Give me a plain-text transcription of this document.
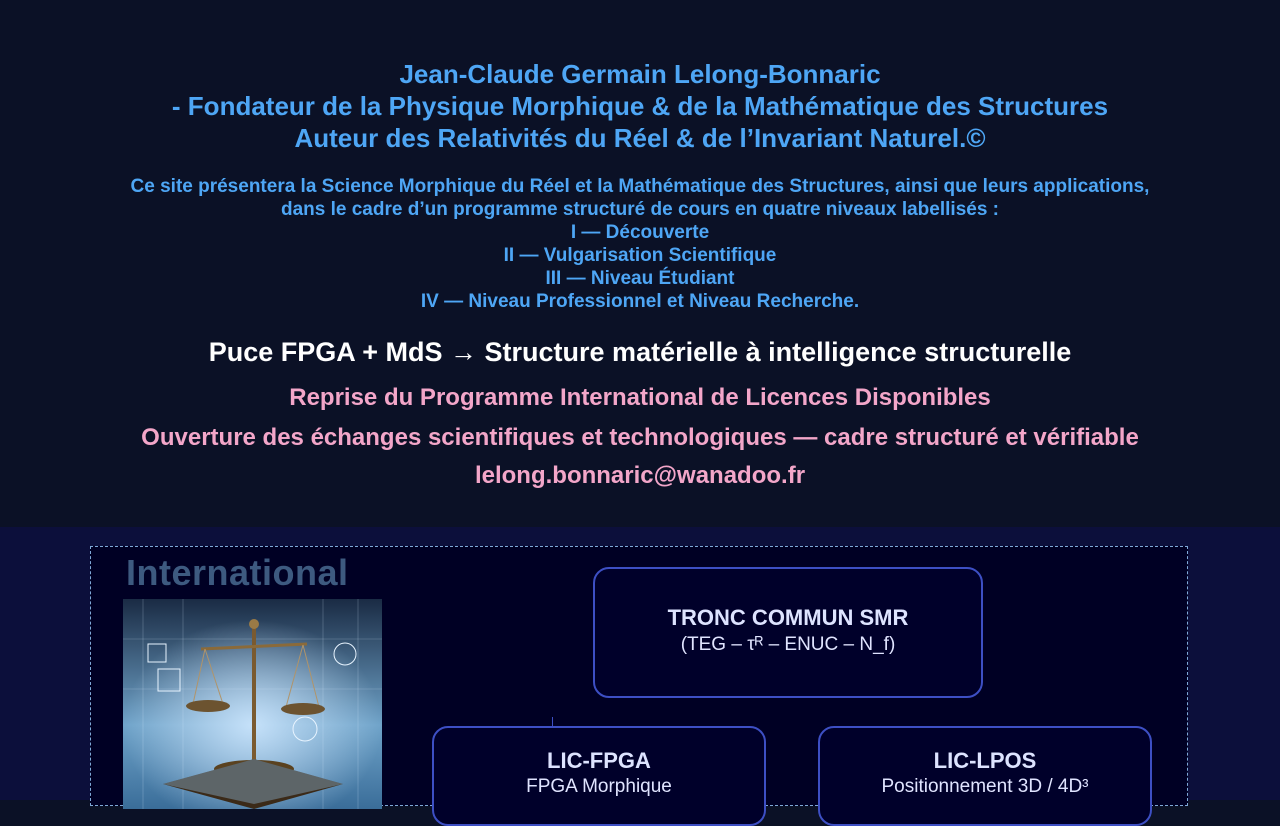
Jean-Claude Germain Lelong-Bonnaric
- Fondateur de la Physique Morphique & de la Mathématique des Structures
Auteur des Relativités du Réel & de l’Invariant Naturel.©
Ce site présentera la Science Morphique du Réel et la Mathématique des Structures, ainsi que leurs applications,
dans le cadre d’un programme structuré de cours en quatre niveaux labellisés :
I — Découverte
II — Vulgarisation Scientifique
III — Niveau Étudiant
IV — Niveau Professionnel et Niveau Recherche.
Puce FPGA + MdS → Structure matérielle à intelligence structurelle
Reprise du Programme International de Licences Disponibles
Ouverture des échanges scientifiques et technologiques — cadre structuré et vérifiable
lelong.bonnaric@wanadoo.fr
International
TRONC COMMUN SMR
(TEG – τᴿ – ENUC – N_f)
LIC-FPGA
FPGA Morphique
LIC-LPOS
Positionnement 3D / 4D³
